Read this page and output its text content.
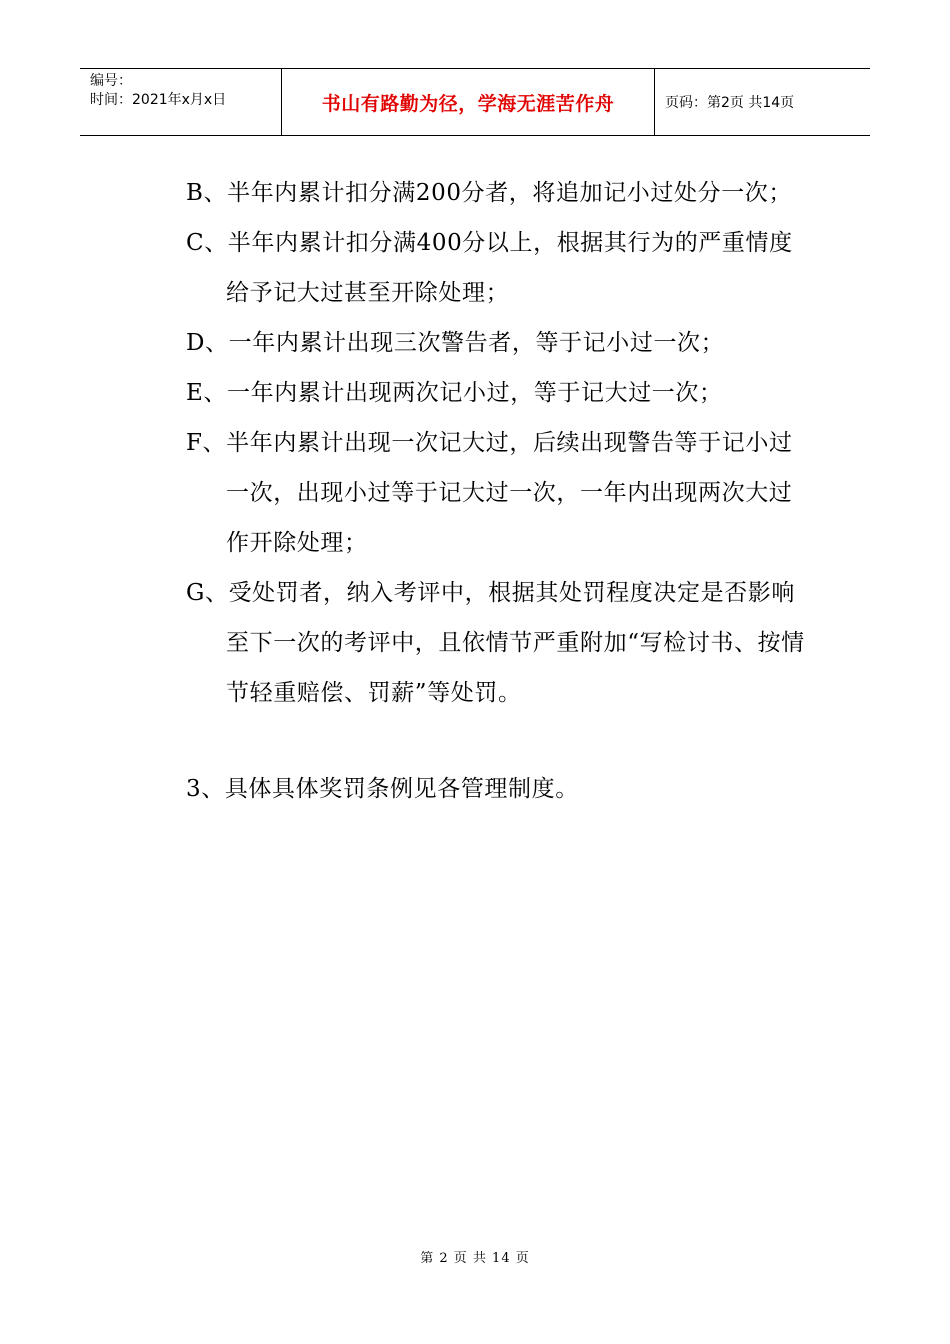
编号：
时间：2021年x月x日	书山有路勤为径，学海无涯苦作舟	页码：第2页 共14页

B、半年内累计扣分满200分者，将追加记小过处分一次；

C、半年内累计扣分满400分以上，根据其行为的严重情度给予记大过甚至开除处理；

D、一年内累计出现三次警告者，等于记小过一次；

E、一年内累计出现两次记小过，等于记大过一次；

F、半年内累计出现一次记大过，后续出现警告等于记小过一次，出现小过等于记大过一次，一年内出现两次大过作开除处理；

G、受处罚者，纳入考评中，根据其处罚程度决定是否影响至下一次的考评中，且依情节严重附加“写检讨书、按情节轻重赔偿、罚薪”等处罚。

3、具体具体奖罚条例见各管理制度。

第 2 页 共 14 页
